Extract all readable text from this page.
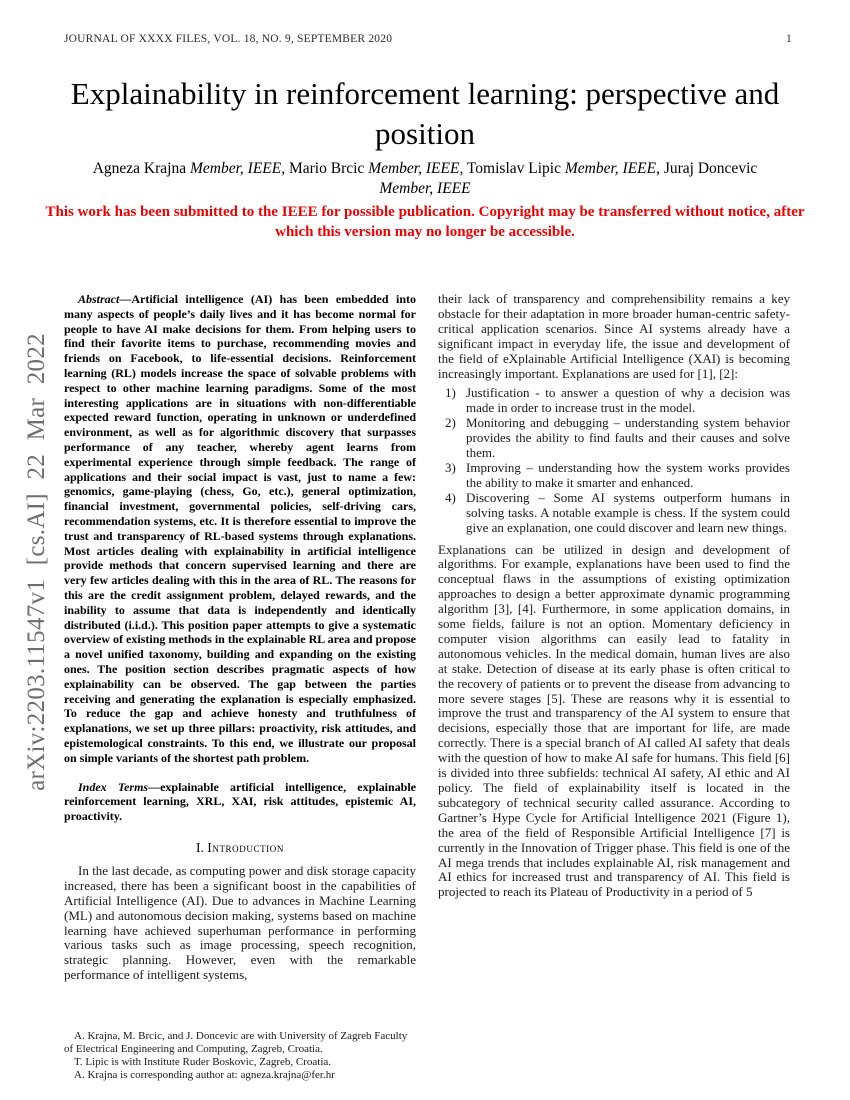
JOURNAL OF XXXX FILES, VOL. 18, NO. 9, SEPTEMBER 2020	1
Explainability in reinforcement learning: perspective and position
Agneza Krajna Member, IEEE, Mario Brcic Member, IEEE, Tomislav Lipic Member, IEEE, Juraj Doncevic Member, IEEE
This work has been submitted to the IEEE for possible publication. Copyright may be transferred without notice, after which this version may no longer be accessible.
arXiv:2203.11547v1 [cs.AI] 22 Mar 2022

Abstract—Artificial intelligence (AI) has been embedded into many aspects of people’s daily lives and it has become normal for people to have AI make decisions for them. From helping users to find their favorite items to purchase, recommending movies and friends on Facebook, to life-essential decisions. Reinforcement learning (RL) models increase the space of solvable problems with respect to other machine learning paradigms. Some of the most interesting applications are in situations with non-differentiable expected reward function, operating in unknown or underdefined environment, as well as for algorithmic discovery that surpasses performance of any teacher, whereby agent learns from experimental experience through simple feedback. The range of applications and their social impact is vast, just to name a few: genomics, game-playing (chess, Go, etc.), general optimization, financial investment, governmental policies, self-driving cars, recommendation systems, etc. It is therefore essential to improve the trust and transparency of RL-based systems through explanations. Most articles dealing with explainability in artificial intelligence provide methods that concern supervised learning and there are very few articles dealing with this in the area of RL. The reasons for this are the credit assignment problem, delayed rewards, and the inability to assume that data is independently and identically distributed (i.i.d.). This position paper attempts to give a systematic overview of existing methods in the explainable RL area and propose a novel unified taxonomy, building and expanding on the existing ones. The position section describes pragmatic aspects of how explainability can be observed. The gap between the parties receiving and generating the explanation is especially emphasized. To reduce the gap and achieve honesty and truthfulness of explanations, we set up three pillars: proactivity, risk attitudes, and epistemological constraints. To this end, we illustrate our proposal on simple variants of the shortest path problem.

Index Terms—explainable artificial intelligence, explainable reinforcement learning, XRL, XAI, risk attitudes, epistemic AI, proactivity.

I. Introduction

In the last decade, as computing power and disk storage capacity increased, there has been a significant boost in the capabilities of Artificial Intelligence (AI). Due to advances in Machine Learning (ML) and autonomous decision making, systems based on machine learning have achieved superhuman performance in performing various tasks such as image processing, speech recognition, strategic planning. However, even with the remarkable performance of intelligent systems,

A. Krajna, M. Brcic, and J. Doncevic are with University of Zagreb Faculty of Electrical Engineering and Computing, Zagreb, Croatia.

T. Lipic is with Institute Ruder Boskovic, Zagreb, Croatia.

A. Krajna is corresponding author at: agneza.krajna@fer.hr

their lack of transparency and comprehensibility remains a key obstacle for their adaptation in more broader human-centric safety-critical application scenarios. Since AI systems already have a significant impact in everyday life, the issue and development of the field of eXplainable Artificial Intelligence (XAI) is becoming increasingly important. Explanations are used for [1], [2]:

1) Justification - to answer a question of why a decision was made in order to increase trust in the model.
2) Monitoring and debugging – understanding system behavior provides the ability to find faults and their causes and solve them.
3) Improving – understanding how the system works provides the ability to make it smarter and enhanced.
4) Discovering – Some AI systems outperform humans in solving tasks. A notable example is chess. If the system could give an explanation, one could discover and learn new things.

Explanations can be utilized in design and development of algorithms. For example, explanations have been used to find the conceptual flaws in the assumptions of existing optimization approaches to design a better approximate dynamic programming algorithm [3], [4]. Furthermore, in some application domains, in some fields, failure is not an option. Momentary deficiency in computer vision algorithms can easily lead to fatality in autonomous vehicles. In the medical domain, human lives are also at stake. Detection of disease at its early phase is often critical to the recovery of patients or to prevent the disease from advancing to more severe stages [5]. These are reasons why it is essential to improve the trust and transparency of the AI system to ensure that decisions, especially those that are important for life, are made correctly. There is a special branch of AI called AI safety that deals with the question of how to make AI safe for humans. This field [6] is divided into three subfields: technical AI safety, AI ethic and AI policy. The field of explainability itself is located in the subcategory of technical security called assurance. According to Gartner’s Hype Cycle for Artificial Intelligence 2021 (Figure 1), the area of the field of Responsible Artificial Intelligence [7] is currently in the Innovation of Trigger phase. This field is one of the AI mega trends that includes explainable AI, risk management and AI ethics for increased trust and transparency of AI. This field is projected to reach its Plateau of Productivity in a period of 5
